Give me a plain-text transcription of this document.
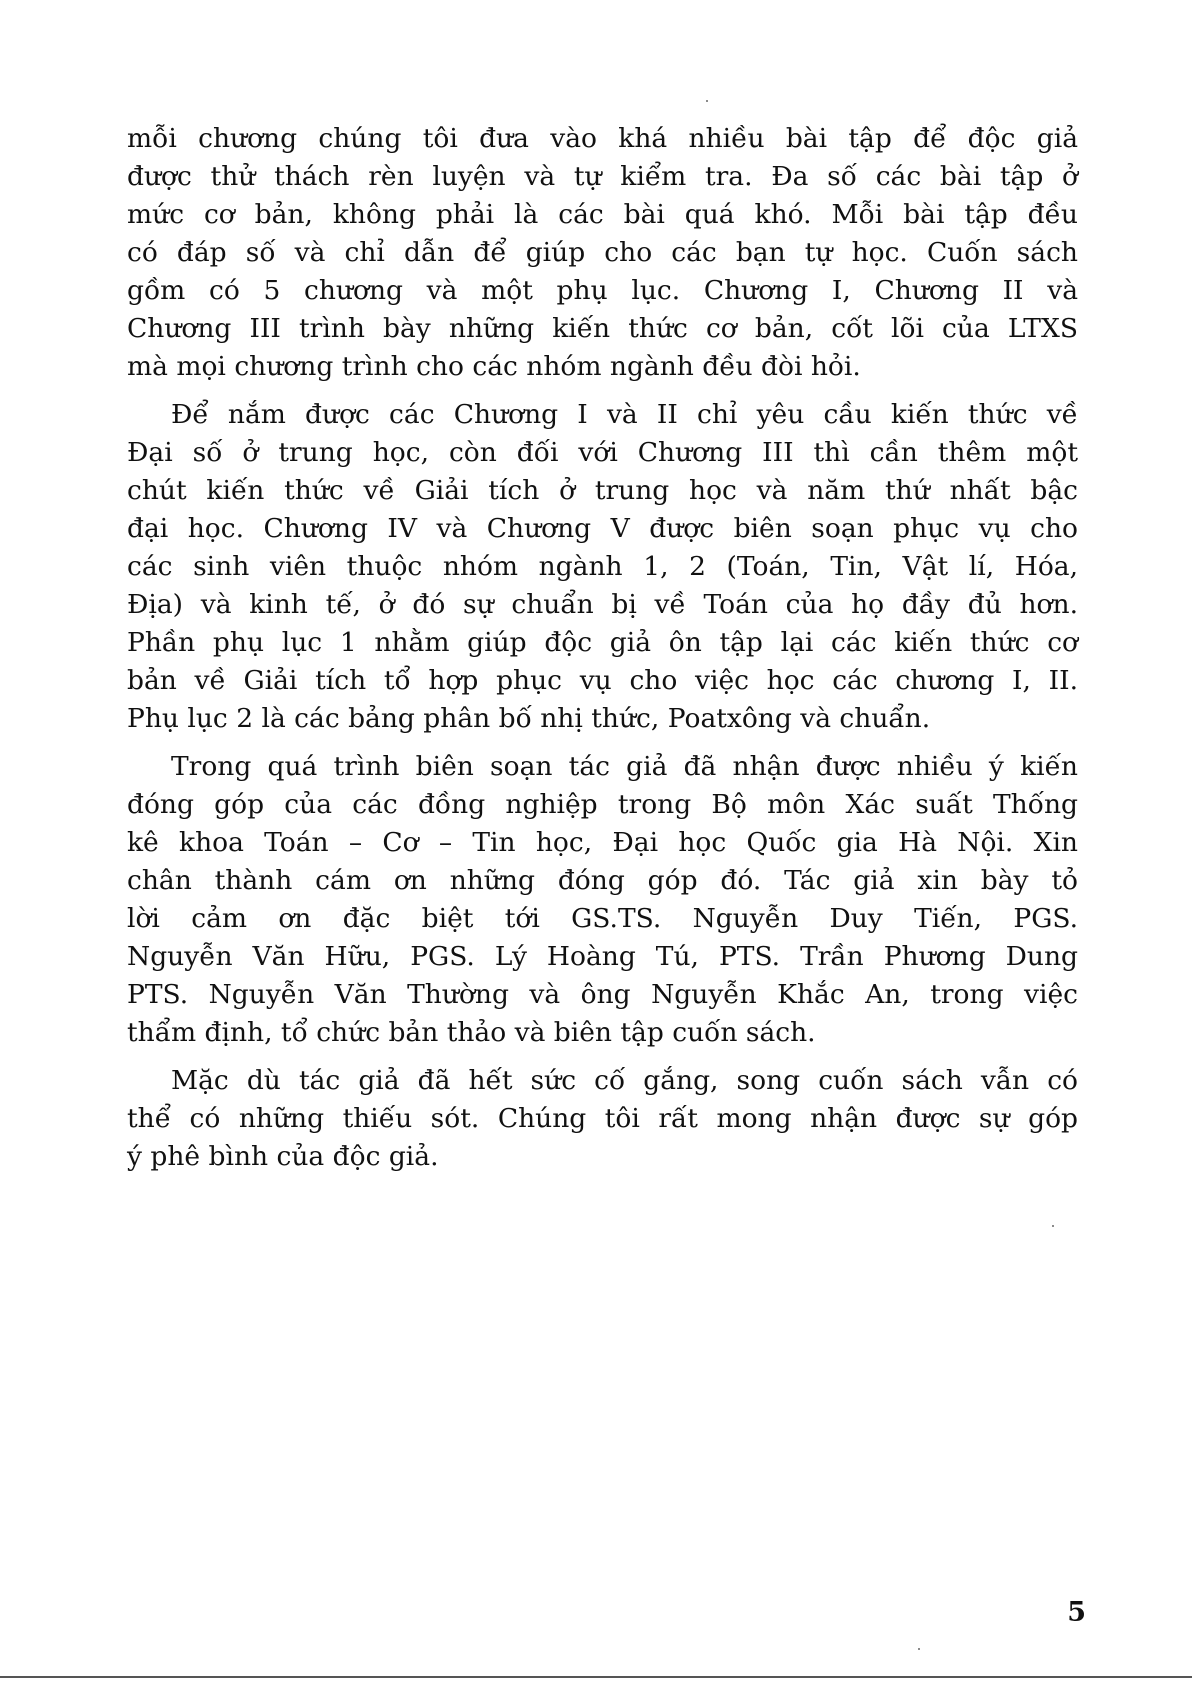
mỗi chương chúng tôi đưa vào khá nhiều bài tập để độc giả
được thử thách rèn luyện và tự kiểm tra. Đa số các bài tập ở
mức cơ bản, không phải là các bài quá khó. Mỗi bài tập đều
có đáp số và chỉ dẫn để giúp cho các bạn tự học. Cuốn sách
gồm có 5 chương và một phụ lục. Chương I, Chương II và
Chương III trình bày những kiến thức cơ bản, cốt lõi của LTXS
mà mọi chương trình cho các nhóm ngành đều đòi hỏi.
Để nắm được các Chương I và II chỉ yêu cầu kiến thức về
Đại số ở trung học, còn đối với Chương III thì cần thêm một
chút kiến thức về Giải tích ở trung học và năm thứ nhất bậc
đại học. Chương IV và Chương V được biên soạn phục vụ cho
các sinh viên thuộc nhóm ngành 1, 2 (Toán, Tin, Vật lí, Hóa,
Địa) và kinh tế, ở đó sự chuẩn bị về Toán của họ đầy đủ hơn.
Phần phụ lục 1 nhằm giúp độc giả ôn tập lại các kiến thức cơ
bản về Giải tích tổ hợp phục vụ cho việc học các chương I, II.
Phụ lục 2 là các bảng phân bố nhị thức, Poatxông và chuẩn.
Trong quá trình biên soạn tác giả đã nhận được nhiều ý kiến
đóng góp của các đồng nghiệp trong Bộ môn Xác suất Thống
kê khoa Toán – Cơ – Tin học, Đại học Quốc gia Hà Nội. Xin
chân thành cám ơn những đóng góp đó. Tác giả xin bày tỏ
lời cảm ơn đặc biệt tới GS.TS. Nguyễn Duy Tiến, PGS.
Nguyễn Văn Hữu, PGS. Lý Hoàng Tú, PTS. Trần Phương Dung
PTS. Nguyễn Văn Thường và ông Nguyễn Khắc An, trong việc
thẩm định, tổ chức bản thảo và biên tập cuốn sách.
Mặc dù tác giả đã hết sức cố gắng, song cuốn sách vẫn có
thể có những thiếu sót. Chúng tôi rất mong nhận được sự góp
ý phê bình của độc giả.
5
